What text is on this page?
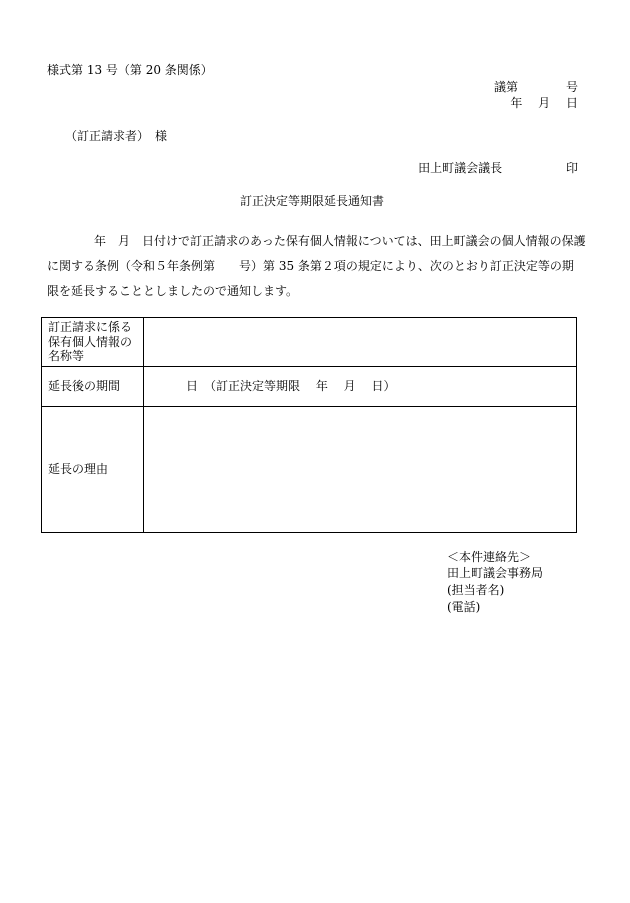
様式第 13 号（第 20 条関係）
議第　　　　号
年　 月　 日
（訂正請求者）　様
田上町議会議長　　　　　 印
訂正決定等期限延長通知書
年　月　日付けで訂正請求のあった保有個人情報については、田上町議会の個人情報の保護
に関する条例（令和５年条例第　　号）第 35 条第２項の規定により、次のとおり訂正決定等の期
限を延長することとしましたので通知します。
訂正請求に係る
保有個人情報の
名称等	

延長後の期間	日　（訂正決定等期限　 年　 月　 日）
延長の理由	
＜本件連絡先＞
田上町議会事務局
(担当者名)
(電話)
